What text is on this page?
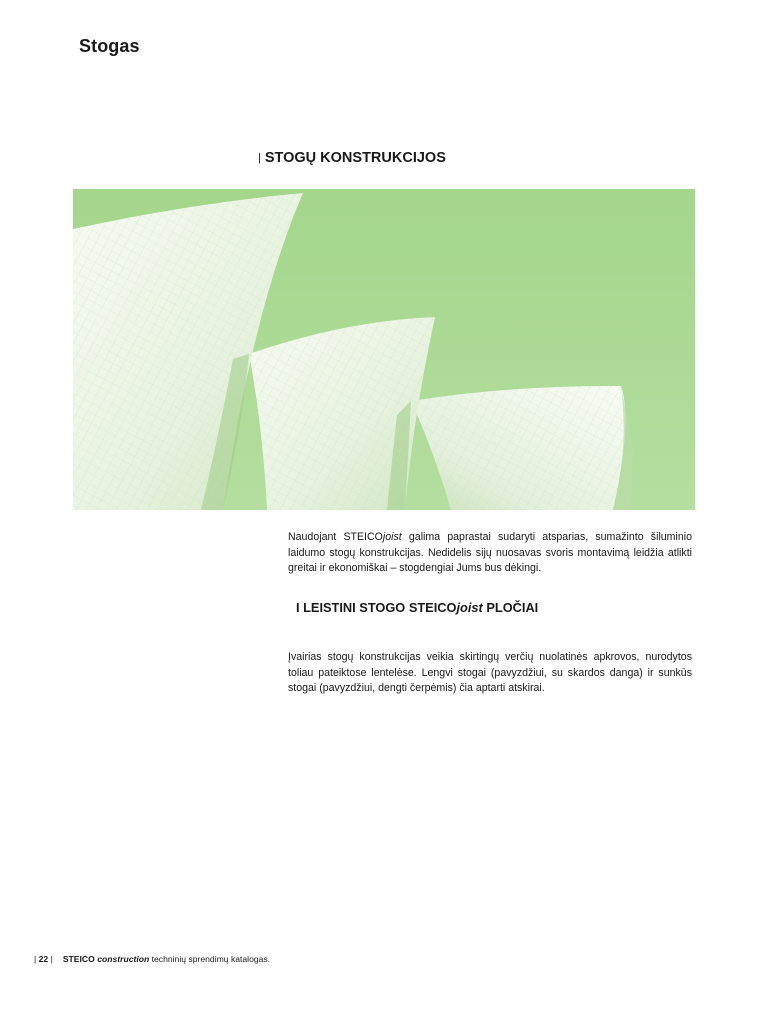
Stogas
| STOGŲ KONSTRUKCIJOS

Naudojant STEICOjoist galima paprastai sudaryti atsparias, sumažinto šiluminio laidumo stogų konstrukcijas. Nedidelis sijų nuosavas svoris montavimą leidžia atlikti greitai ir ekonomiškai – stogdengiai Jums bus dėkingi.

I LEISTINI STOGO STEICOjoist PLOČIAI

Įvairias stogų konstrukcijas veikia skirtingų verčių nuolatinės apkrovos, nurodytos toliau pateiktose lentelėse. Lengvi stogai (pavyzdžiui, su skardos danga) ir sunkūs stogai (pavyzdžiui, dengti čerpėmis) čia aptarti atskirai.

| 22 | STEICO construction techninių sprendimų katalogas.
